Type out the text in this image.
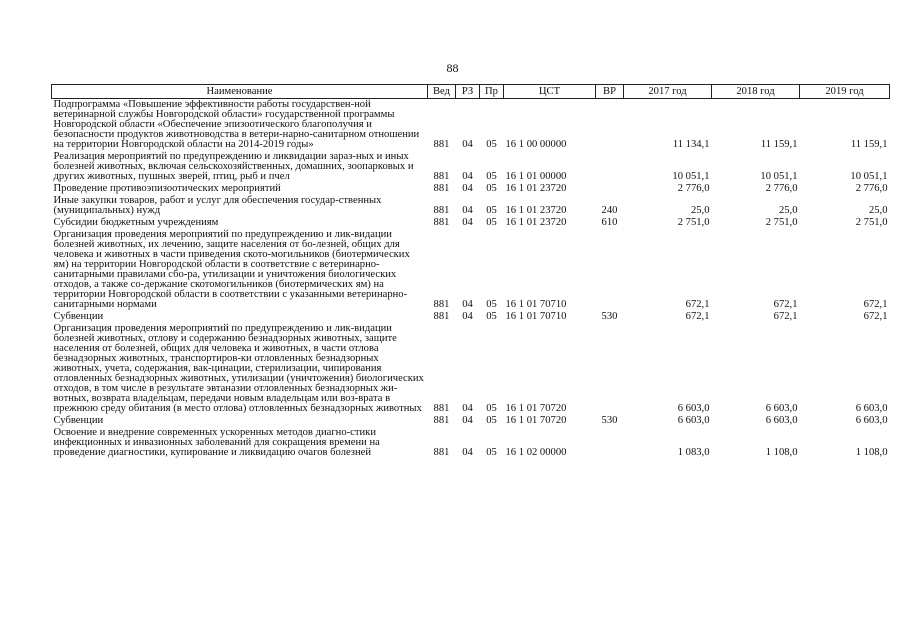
88
Наименование	Вед	РЗ	Пр	ЦСТ	ВР	2017 год	2018 год	2019 год
Подпрограмма «Повышение эффективности работы государствен-ной ветеринарной службы Новгородской области» государственной программы Новгородской области «Обеспечение эпизоотического благополучия и безопасности продуктов животноводства в ветери-нарно-санитарном отношении на территории Новгородской области на 2014-2019 годы»	881	04	05	16 1 00 00000		11 134,1	11 159,1	11 159,1
Реализация мероприятий по предупреждению и ликвидации зараз-ных и иных болезней животных, включая сельскохозяйственных, домашних, зоопарковых и других животных, пушных зверей, птиц, рыб и пчел	881	04	05	16 1 01 00000		10 051,1	10 051,1	10 051,1
Проведение противоэпизоотических мероприятий	881	04	05	16 1 01 23720		2 776,0	2 776,0	2 776,0
Иные закупки товаров, работ и услуг для обеспечения государ-ственных (муниципальных) нужд	881	04	05	16 1 01 23720	240	25,0	25,0	25,0
Субсидии бюджетным учреждениям	881	04	05	16 1 01 23720	610	2 751,0	2 751,0	2 751,0
Организация проведения мероприятий по предупреждению и лик-видации болезней животных, их лечению, защите населения от бо-лезней, общих для человека и животных в части приведения ското-могильников (биотермических ям) на территории Новгородской области в соответствие с ветеринарно-санитарными правилами сбо-ра, утилизации и уничтожения биологических отходов, а также со-держание скотомогильников (биотермических ям) на территории Новгородской области в соответствии с указанными ветеринарно-санитарными нормами	881	04	05	16 1 01 70710		672,1	672,1	672,1
Субвенции	881	04	05	16 1 01 70710	530	672,1	672,1	672,1
Организация проведения мероприятий по предупреждению и лик-видации болезней животных, отлову и содержанию безнадзорных животных, защите населения от болезней, общих для человека и животных, в части отлова безнадзорных животных, транспортиров-ки отловленных безнадзорных животных, учета, содержания, вак-цинации, стерилизации, чипирования отловленных безнадзорных животных, утилизации (уничтожения) биологических отходов, в том числе в результате эвтаназии отловленных безнадзорных жи-вотных, возврата владельцам, передачи новым владельцам или воз-врата в прежнюю среду обитания (в место отлова) отловленных безнадзорных животных	881	04	05	16 1 01 70720		6 603,0	6 603,0	6 603,0
Субвенции	881	04	05	16 1 01 70720	530	6 603,0	6 603,0	6 603,0
Освоение и внедрение современных ускоренных методов диагно-стики инфекционных и инвазионных заболеваний для сокращения времени на проведение диагностики, купирование и ликвидацию очагов болезней	881	04	05	16 1 02 00000		1 083,0	1 108,0	1 108,0
